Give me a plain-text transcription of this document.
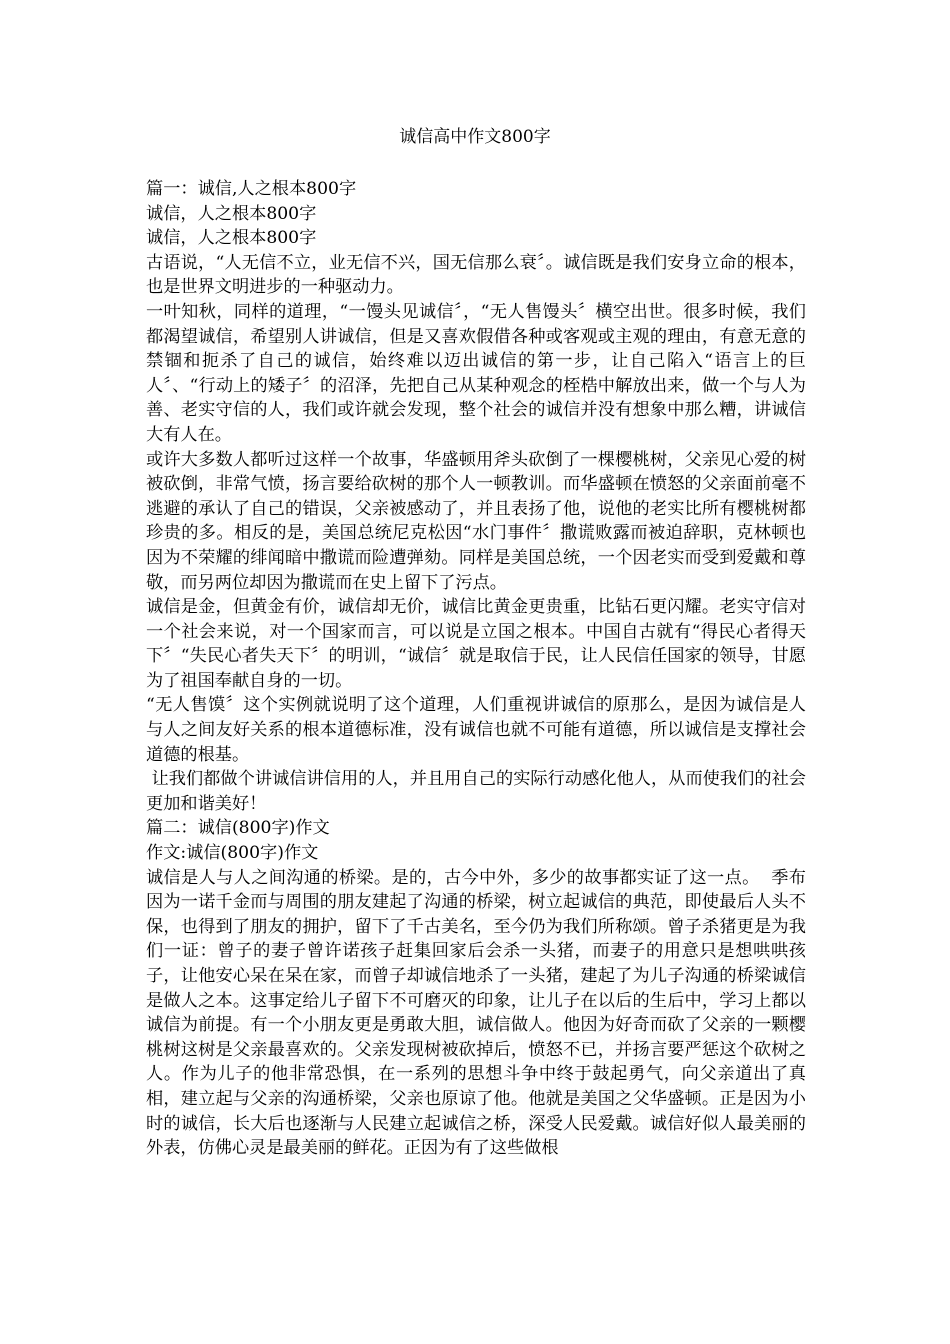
诚信高中作文800字

篇一：诚信,人之根本800字

诚信，人之根本800字

诚信，人之根本800字

古语说，“人无信不立，业无信不兴，国无信那么衰〞。诚信既是我们安身立命的根本，也是世界文明进步的一种驱动力。

一叶知秋，同样的道理，“一馒头见诚信〞，“无人售馒头〞横空出世。很多时候，我们都渴望诚信，希望别人讲诚信，但是又喜欢假借各种或客观或主观的理由，有意无意的禁锢和扼杀了自己的诚信，始终难以迈出诚信的第一步，让自己陷入“语言上的巨人〞、“行动上的矮子〞的沼泽，先把自己从某种观念的桎梏中解放出来，做一个与人为善、老实守信的人，我们或许就会发现，整个社会的诚信并没有想象中那么糟，讲诚信大有人在。

或许大多数人都听过这样一个故事，华盛顿用斧头砍倒了一棵樱桃树，父亲见心爱的树被砍倒，非常气愤，扬言要给砍树的那个人一顿教训。而华盛顿在愤怒的父亲面前毫不逃避的承认了自己的错误，父亲被感动了，并且表扬了他，说他的老实比所有樱桃树都珍贵的多。相反的是，美国总统尼克松因“水门事件〞撒谎败露而被迫辞职，克林顿也因为不荣耀的绯闻暗中撒谎而险遭弹劾。同样是美国总统，一个因老实而受到爱戴和尊敬，而另两位却因为撒谎而在史上留下了污点。

诚信是金，但黄金有价，诚信却无价，诚信比黄金更贵重，比钻石更闪耀。老实守信对一个社会来说，对一个国家而言，可以说是立国之根本。中国自古就有“得民心者得天下〞“失民心者失天下〞的明训，“诚信〞就是取信于民，让人民信任国家的领导，甘愿为了祖国奉献自身的一切。

“无人售馍〞这个实例就说明了这个道理，人们重视讲诚信的原那么，是因为诚信是人与人之间友好关系的根本道德标准，没有诚信也就不可能有道德，所以诚信是支撑社会道德的根基。

让我们都做个讲诚信讲信用的人，并且用自己的实际行动感化他人，从而使我们的社会更加和谐美好！

篇二：诚信(800字)作文

作文:诚信(800字)作文

诚信是人与人之间沟通的桥梁。是的，古今中外，多少的故事都实证了这一点。  季布因为一诺千金而与周围的朋友建起了沟通的桥梁，树立起诚信的典范，即使最后人头不保，也得到了朋友的拥护，留下了千古美名，至今仍为我们所称颂。曾子杀猪更是为我们一证：曾子的妻子曾许诺孩子赶集回家后会杀一头猪，而妻子的用意只是想哄哄孩子，让他安心呆在呆在家，而曾子却诚信地杀了一头猪，建起了为儿子沟通的桥梁诚信是做人之本。这事定给儿子留下不可磨灭的印象，让儿子在以后的生后中，学习上都以诚信为前提。有一个小朋友更是勇敢大胆，诚信做人。他因为好奇而砍了父亲的一颗樱桃树这树是父亲最喜欢的。父亲发现树被砍掉后，愤怒不已，并扬言要严惩这个砍树之人。作为儿子的他非常恐惧，在一系列的思想斗争中终于鼓起勇气，向父亲道出了真相，建立起与父亲的沟通桥梁，父亲也原谅了他。他就是美国之父华盛顿。正是因为小时的诚信，长大后也逐渐与人民建立起诚信之桥，深受人民爱戴。诚信好似人最美丽的外表，仿佛心灵是最美丽的鲜花。正因为有了这些做根
